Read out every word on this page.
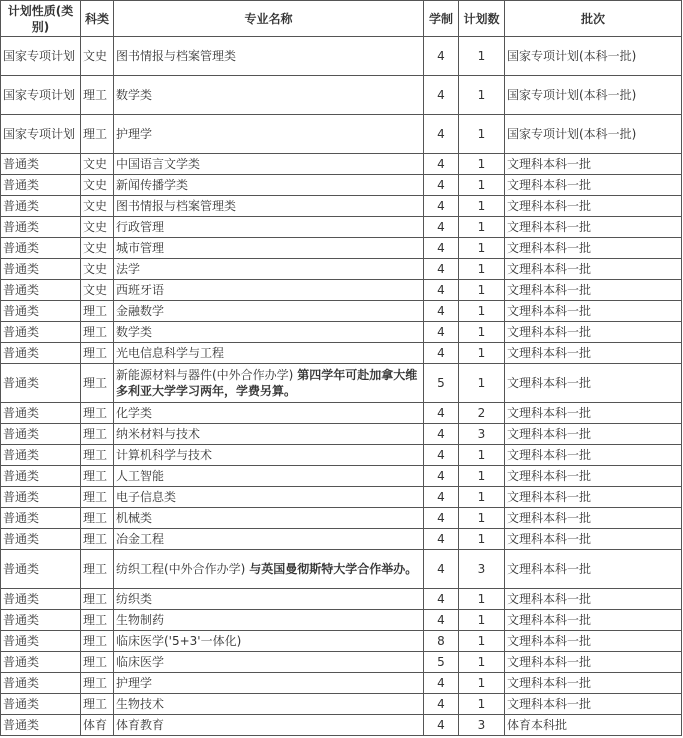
计划性质(类别)	科类	专业名称	学制	计划数	批次
国家专项计划	文史	图书情报与档案管理类	4	1	国家专项计划(本科一批)
国家专项计划	理工	数学类	4	1	国家专项计划(本科一批)
国家专项计划	理工	护理学	4	1	国家专项计划(本科一批)
普通类	文史	中国语言文学类	4	1	文理科本科一批
普通类	文史	新闻传播学类	4	1	文理科本科一批
普通类	文史	图书情报与档案管理类	4	1	文理科本科一批
普通类	文史	行政管理	4	1	文理科本科一批
普通类	文史	城市管理	4	1	文理科本科一批
普通类	文史	法学	4	1	文理科本科一批
普通类	文史	西班牙语	4	1	文理科本科一批
普通类	理工	金融数学	4	1	文理科本科一批
普通类	理工	数学类	4	1	文理科本科一批
普通类	理工	光电信息科学与工程	4	1	文理科本科一批
普通类	理工	新能源材料与器件(中外合作办学) 第四学年可赴加拿大维多利亚大学学习两年，学费另算。	5	1	文理科本科一批
普通类	理工	化学类	4	2	文理科本科一批
普通类	理工	纳米材料与技术	4	3	文理科本科一批
普通类	理工	计算机科学与技术	4	1	文理科本科一批
普通类	理工	人工智能	4	1	文理科本科一批
普通类	理工	电子信息类	4	1	文理科本科一批
普通类	理工	机械类	4	1	文理科本科一批
普通类	理工	冶金工程	4	1	文理科本科一批
普通类	理工	纺织工程(中外合作办学) 与英国曼彻斯特大学合作举办。	4	3	文理科本科一批
普通类	理工	纺织类	4	1	文理科本科一批
普通类	理工	生物制药	4	1	文理科本科一批
普通类	理工	临床医学('5+3'一体化)	8	1	文理科本科一批
普通类	理工	临床医学	5	1	文理科本科一批
普通类	理工	护理学	4	1	文理科本科一批
普通类	理工	生物技术	4	1	文理科本科一批
普通类	体育	体育教育	4	3	体育本科批
